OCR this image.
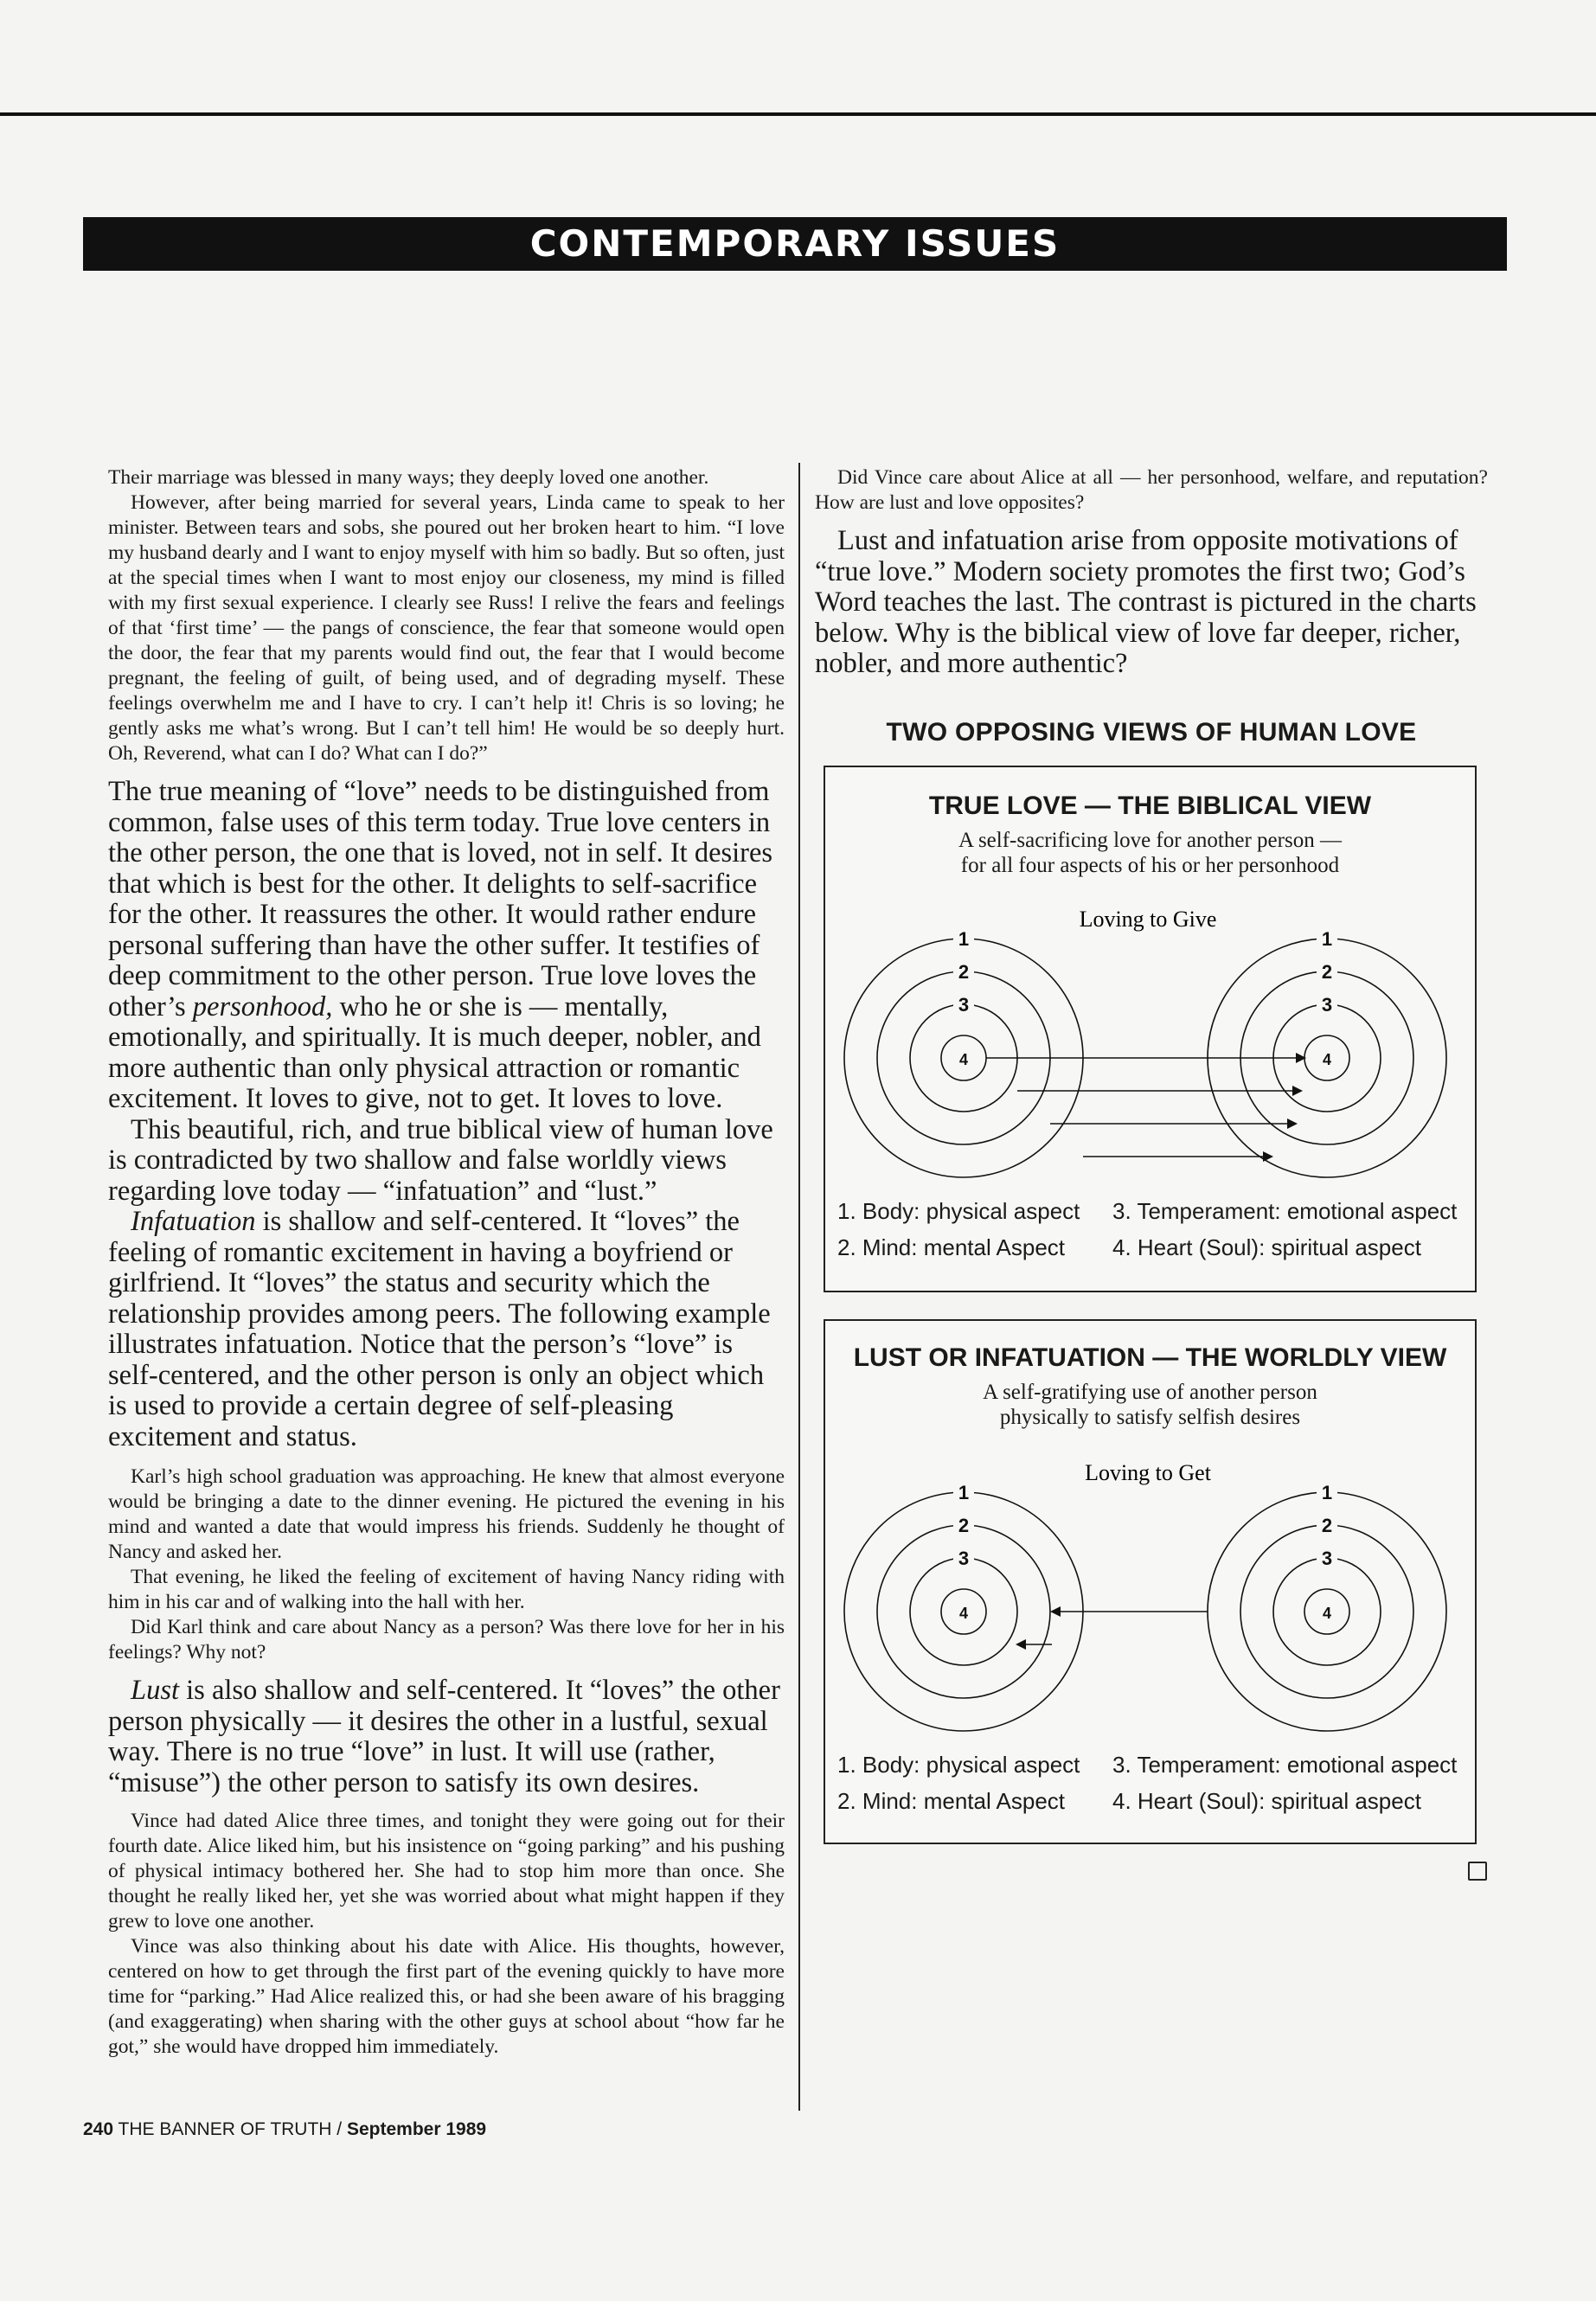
CONTEMPORARY ISSUES

Their marriage was blessed in many ways; they deeply loved one another.

However, after being married for several years, Linda came to speak to her minister. Between tears and sobs, she poured out her broken heart to him. “I love my husband dearly and I want to enjoy myself with him so badly. But so often, just at the special times when I want to most enjoy our closeness, my mind is filled with my first sexual experience. I clearly see Russ! I relive the fears and feelings of that ‘first time’ — the pangs of conscience, the fear that someone would open the door, the fear that my parents would find out, the fear that I would become pregnant, the feeling of guilt, of being used, and of degrading myself. These feelings overwhelm me and I have to cry. I can’t help it! Chris is so loving; he gently asks me what’s wrong. But I can’t tell him! He would be so deeply hurt. Oh, Reverend, what can I do? What can I do?”

The true meaning of “love” needs to be distinguished from common, false uses of this term today. True love centers in the other person, the one that is loved, not in self. It desires that which is best for the other. It delights to self-sacrifice for the other. It reassures the other. It would rather endure personal suffering than have the other suffer. It testifies of deep commitment to the other person. True love loves the other’s personhood, who he or she is — mentally, emotionally, and spiritually. It is much deeper, nobler, and more authentic than only physical attraction or romantic excitement. It loves to give, not to get. It loves to love.

This beautiful, rich, and true biblical view of human love is contradicted by two shallow and false worldly views regarding love today — “infatuation” and “lust.”

Infatuation is shallow and self-centered. It “loves” the feeling of romantic excitement in having a boyfriend or girlfriend. It “loves” the status and security which the relationship provides among peers. The following example illustrates infatuation. Notice that the person’s “love” is self-centered, and the other person is only an object which is used to provide a certain degree of self-pleasing excitement and status.

Karl’s high school graduation was approaching. He knew that almost everyone would be bringing a date to the dinner evening. He pictured the evening in his mind and wanted a date that would impress his friends. Suddenly he thought of Nancy and asked her.

That evening, he liked the feeling of excitement of having Nancy riding with him in his car and of walking into the hall with her.

Did Karl think and care about Nancy as a person? Was there love for her in his feelings? Why not?

Lust is also shallow and self-centered. It “loves” the other person physically — it desires the other in a lustful, sexual way. There is no true “love” in lust. It will use (rather, “misuse”) the other person to satisfy its own desires.

Vince had dated Alice three times, and tonight they were going out for their fourth date. Alice liked him, but his insistence on “going parking” and his pushing of physical intimacy bothered her. She had to stop him more than once. She thought he really liked her, yet she was worried about what might happen if they grew to love one another.

Vince was also thinking about his date with Alice. His thoughts, however, centered on how to get through the first part of the evening quickly to have more time for “parking.” Had Alice realized this, or had she been aware of his bragging (and exaggerating) when sharing with the other guys at school about “how far he got,” she would have dropped him immediately.

Did Vince care about Alice at all — her personhood, welfare, and reputation? How are lust and love opposites?

Lust and infatuation arise from opposite motivations of “true love.” Modern society promotes the first two; God’s Word teaches the last. The contrast is pictured in the charts below. Why is the biblical view of love far deeper, richer, nobler, and more authentic?

TWO OPPOSING VIEWS OF HUMAN LOVE

TRUE LOVE — THE BIBLICAL VIEW

A self-sacrificing love for another person —

for all four aspects of his or her personhood

Loving to Give
1
2
3
4
1
2
3
4
1. Body: physical aspect	3. Temperament: emotional aspect
2. Mind: mental Aspect	4. Heart (Soul): spiritual aspect
LUST OR INFATUATION — THE WORLDLY VIEW

A self-gratifying use of another person

physically to satisfy selfish desires

Loving to Get
1
2
3
4
1
2
3
4
1. Body: physical aspect	3. Temperament: emotional aspect
2. Mind: mental Aspect	4. Heart (Soul): spiritual aspect
240 THE BANNER OF TRUTH / September 1989
